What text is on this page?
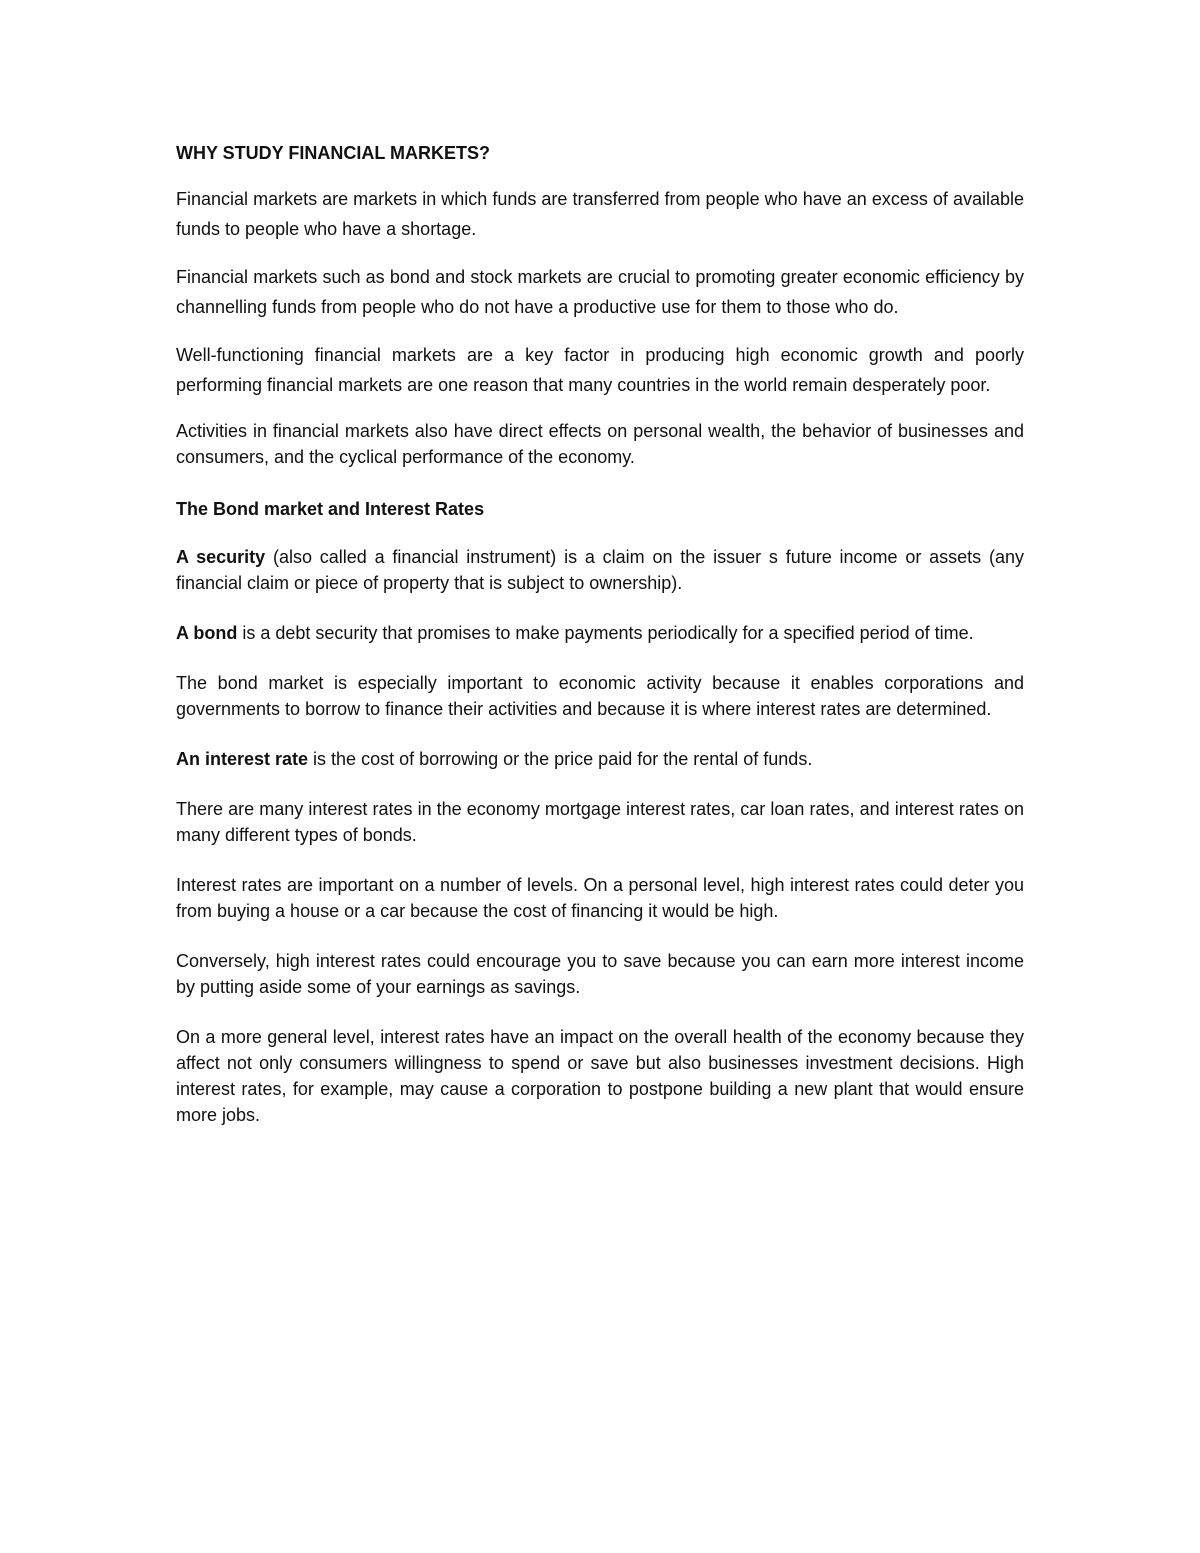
WHY STUDY FINANCIAL MARKETS?

Financial markets are markets in which funds are transferred from people who have an excess of available funds to people who have a shortage.

Financial markets such as bond and stock markets are crucial to promoting greater economic efficiency by channelling funds from people who do not have a productive use for them to those who do.

Well-functioning financial markets are a key factor in producing high economic growth and poorly performing financial markets are one reason that many countries in the world remain desperately poor.

Activities in financial markets also have direct effects on personal wealth, the behavior of businesses and consumers, and the cyclical performance of the economy.

The Bond market and Interest Rates

A security (also called a financial instrument) is a claim on the issuer s future income or assets (any financial claim or piece of property that is subject to ownership).

A bond is a debt security that promises to make payments periodically for a specified period of time.

The bond market is especially important to economic activity because it enables corporations and governments to borrow to finance their activities and because it is where interest rates are determined.

An interest rate is the cost of borrowing or the price paid for the rental of funds.

There are many interest rates in the economy mortgage interest rates, car loan rates, and interest rates on many different types of bonds.

Interest rates are important on a number of levels. On a personal level, high interest rates could deter you from buying a house or a car because the cost of financing it would be high.

Conversely, high interest rates could encourage you to save because you can earn more interest income by putting aside some of your earnings as savings.

On a more general level, interest rates have an impact on the overall health of the economy because they affect not only consumers willingness to spend or save but also businesses investment decisions. High interest rates, for example, may cause a corporation to postpone building a new plant that would ensure more jobs.
